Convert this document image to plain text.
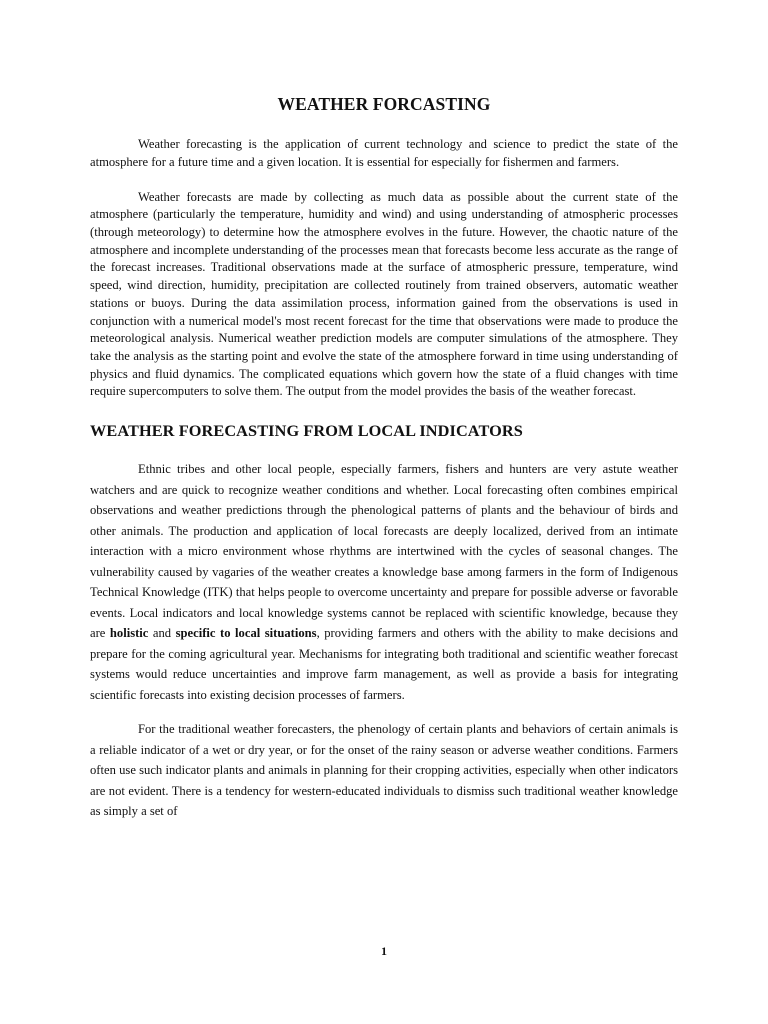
WEATHER FORCASTING

Weather forecasting is the application of current technology and science to predict the state of the atmosphere for a future time and a given location. It is essential for especially for fishermen and farmers.

Weather forecasts are made by collecting as much data as possible about the current state of the atmosphere (particularly the temperature, humidity and wind) and using understanding of atmospheric processes (through meteorology) to determine how the atmosphere evolves in the future. However, the chaotic nature of the atmosphere and incomplete understanding of the processes mean that forecasts become less accurate as the range of the forecast increases. Traditional observations made at the surface of atmospheric pressure, temperature, wind speed, wind direction, humidity, precipitation are collected routinely from trained observers, automatic weather stations or buoys. During the data assimilation process, information gained from the observations is used in conjunction with a numerical model's most recent forecast for the time that observations were made to produce the meteorological analysis. Numerical weather prediction models are computer simulations of the atmosphere. They take the analysis as the starting point and evolve the state of the atmosphere forward in time using understanding of physics and fluid dynamics. The complicated equations which govern how the state of a fluid changes with time require supercomputers to solve them. The output from the model provides the basis of the weather forecast.

WEATHER FORECASTING FROM LOCAL INDICATORS

Ethnic tribes and other local people, especially farmers, fishers and hunters are very astute weather watchers and are quick to recognize weather conditions and whether. Local forecasting often combines empirical observations and weather predictions through the phenological patterns of plants and the behaviour of birds and other animals. The production and application of local forecasts are deeply localized, derived from an intimate interaction with a micro environment whose rhythms are intertwined with the cycles of seasonal changes. The vulnerability caused by vagaries of the weather creates a knowledge base among farmers in the form of Indigenous Technical Knowledge (ITK) that helps people to overcome uncertainty and prepare for possible adverse or favorable events. Local indicators and local knowledge systems cannot be replaced with scientific knowledge, because they are holistic and specific to local situations, providing farmers and others with the ability to make decisions and prepare for the coming agricultural year. Mechanisms for integrating both traditional and scientific weather forecast systems would reduce uncertainties and improve farm management, as well as provide a basis for integrating scientific forecasts into existing decision processes of farmers.

For the traditional weather forecasters, the phenology of certain plants and behaviors of certain animals is a reliable indicator of a wet or dry year, or for the onset of the rainy season or adverse weather conditions. Farmers often use such indicator plants and animals in planning for their cropping activities, especially when other indicators are not evident. There is a tendency for western-educated individuals to dismiss such traditional weather knowledge as simply a set of

1
